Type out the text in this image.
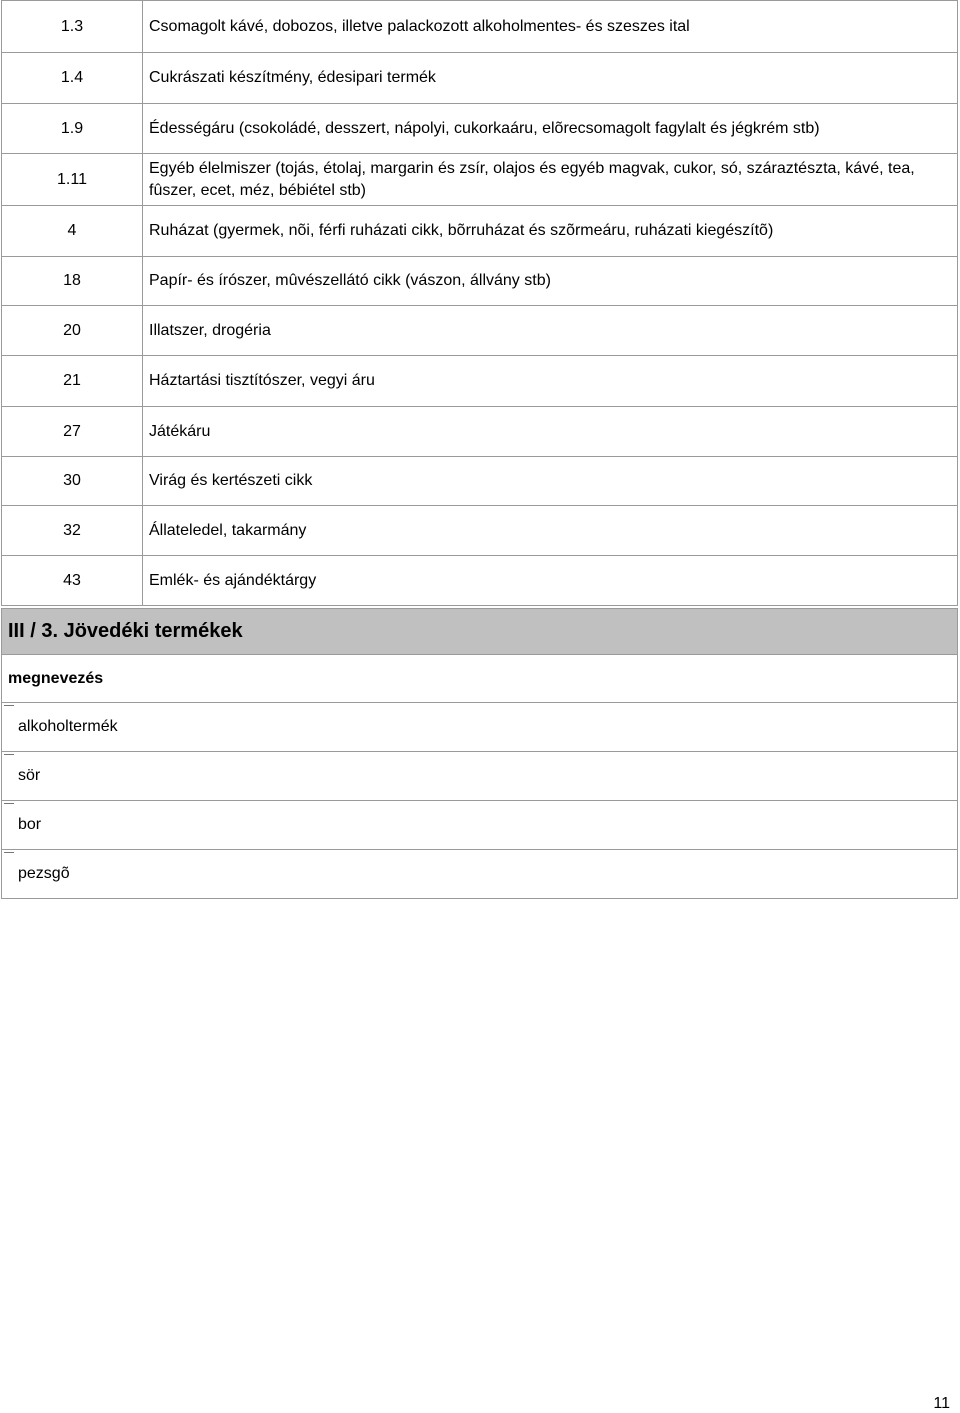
1.3	Csomagolt kávé, dobozos, illetve palackozott alkoholmentes- és szeszes ital
1.4	Cukrászati készítmény, édesipari termék
1.9	Édességáru (csokoládé, desszert, nápolyi, cukorkaáru, elõrecsomagolt fagylalt és jégkrém stb)
1.11	Egyéb élelmiszer (tojás, étolaj, margarin és zsír, olajos és egyéb magvak, cukor, só, száraztészta, kávé, tea, fûszer, ecet, méz, bébiétel stb)
4	Ruházat (gyermek, nõi, férfi ruházati cikk, bõrruházat és szõrmeáru, ruházati kiegészítõ)
18	Papír- és írószer, mûvészellátó cikk (vászon, állvány stb)
20	Illatszer, drogéria
21	Háztartási tisztítószer, vegyi áru
27	Játékáru
30	Virág és kertészeti cikk
32	Állateledel, takarmány
43	Emlék- és ajándéktárgy
III / 3. Jövedéki termékek
megnevezés

alkoholtermék

sör

bor

pezsgõ
11
